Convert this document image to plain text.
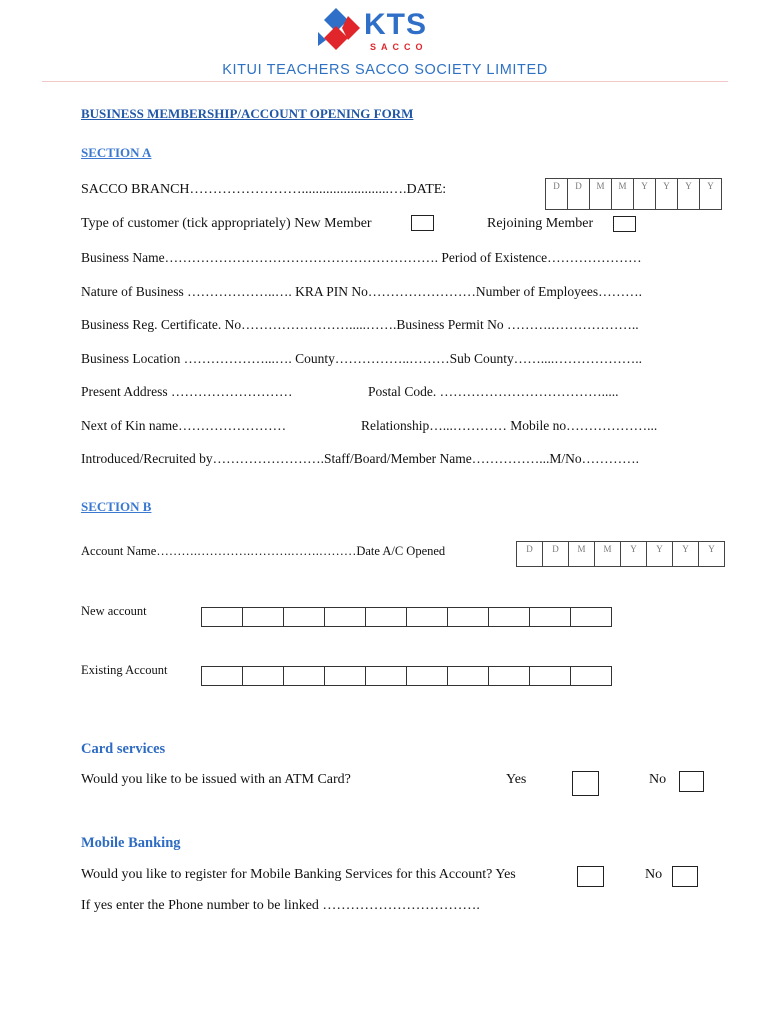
KTS
SACCO
KITUI TEACHERS SACCO SOCIETY LIMITED
BUSINESS MEMBERSHIP/ACCOUNT OPENING FORM
SECTION A
SACCO BRANCH…………………….........................….DATE:	D	D	M	M	Y	Y	Y	Y
Type of customer (tick appropriately) New Member	Rejoining Member
Business Name……………………………………………………. Period of Existence…………………
Nature of Business ………………..…. KRA PIN No……………………Number of Employees……….
Business Reg. Certificate. No…………………….....…….Business Permit No ……….………………..
Business Location ………………...…. County……………..………Sub County……....………………..
Present Address ………………………	Postal Code. ……………………………….....
Next of Kin name……………………	Relationship…...………… Mobile no………………...
Introduced/Recruited by…………………….Staff/Board/Member Name……………...M/No………….
SECTION B
Account Name……….………….……….…….………Date A/C Opened	D	D	M	M	Y	Y	Y	Y
New account
Existing Account
Card services
Would you like to be issued with an ATM Card?	Yes	No
Mobile Banking
Would you like to register for Mobile Banking Services for this Account? Yes	No
If yes enter the Phone number to be linked …………………………….
